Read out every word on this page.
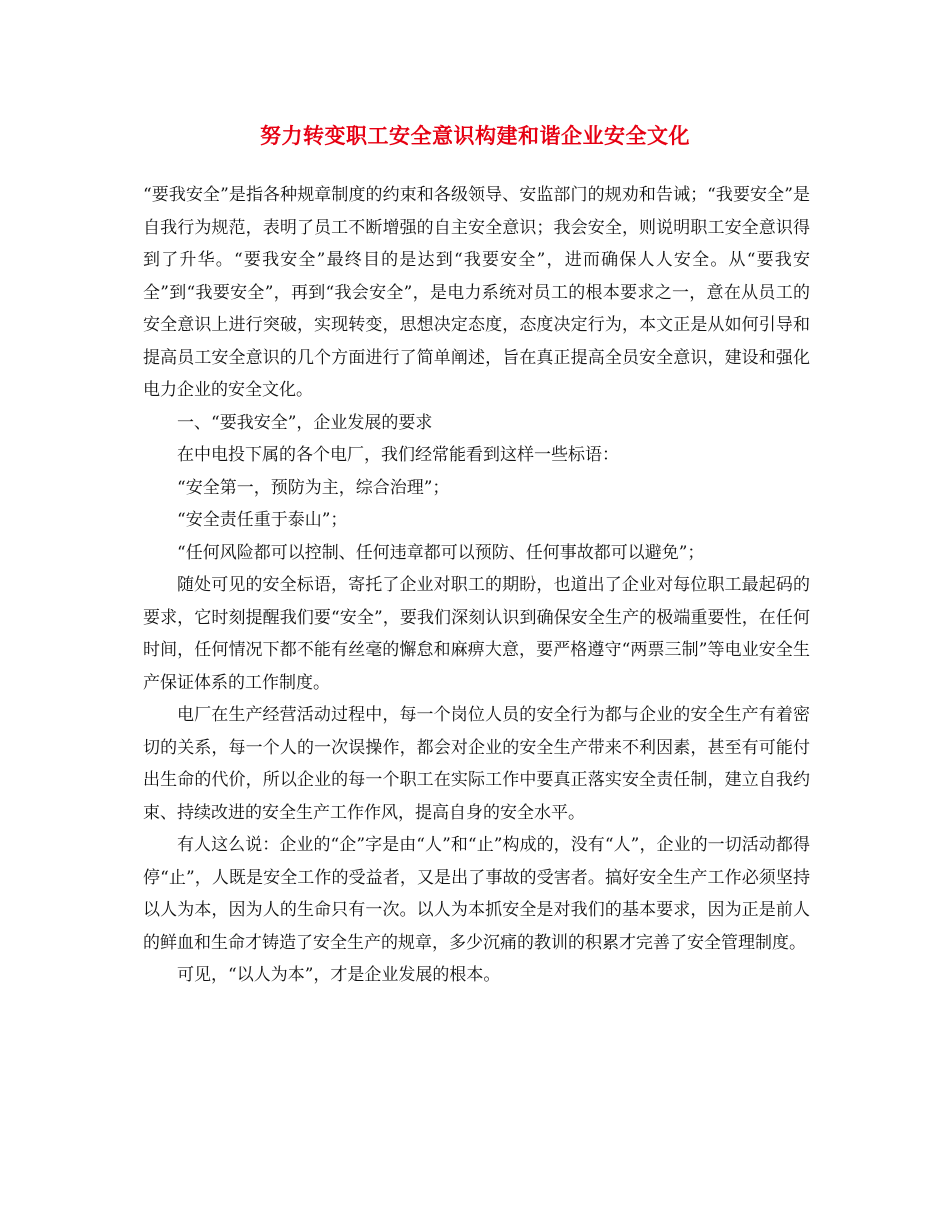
努力转变职工安全意识构建和谐企业安全文化

“要我安全”是指各种规章制度的约束和各级领导、安监部门的规劝和告诫；“我要安全”是自我行为规范，表明了员工不断增强的自主安全意识；我会安全，则说明职工安全意识得到了升华。“要我安全”最终目的是达到“我要安全”，进而确保人人安全。从“要我安全”到“我要安全”，再到“我会安全”，是电力系统对员工的根本要求之一，意在从员工的安全意识上进行突破，实现转变，思想决定态度，态度决定行为，本文正是从如何引导和提高员工安全意识的几个方面进行了简单阐述，旨在真正提高全员安全意识，建设和强化电力企业的安全文化。

一、“要我安全”，企业发展的要求

在中电投下属的各个电厂，我们经常能看到这样一些标语：

“安全第一，预防为主，综合治理”；

“安全责任重于泰山”；

“任何风险都可以控制、任何违章都可以预防、任何事故都可以避免”；

随处可见的安全标语，寄托了企业对职工的期盼，也道出了企业对每位职工最起码的要求，它时刻提醒我们要“安全”，要我们深刻认识到确保安全生产的极端重要性，在任何时间，任何情况下都不能有丝毫的懈怠和麻痹大意，要严格遵守“两票三制”等电业安全生产保证体系的工作制度。

电厂在生产经营活动过程中，每一个岗位人员的安全行为都与企业的安全生产有着密切的关系，每一个人的一次误操作，都会对企业的安全生产带来不利因素，甚至有可能付出生命的代价，所以企业的每一个职工在实际工作中要真正落实安全责任制，建立自我约束、持续改进的安全生产工作作风，提高自身的安全水平。

有人这么说：企业的“企”字是由“人”和“止”构成的，没有“人”，企业的一切活动都得停“止”，人既是安全工作的受益者，又是出了事故的受害者。搞好安全生产工作必须坚持以人为本，因为人的生命只有一次。以人为本抓安全是对我们的基本要求，因为正是前人的鲜血和生命才铸造了安全生产的规章，多少沉痛的教训的积累才完善了安全管理制度。

可见，“以人为本”，才是企业发展的根本。
